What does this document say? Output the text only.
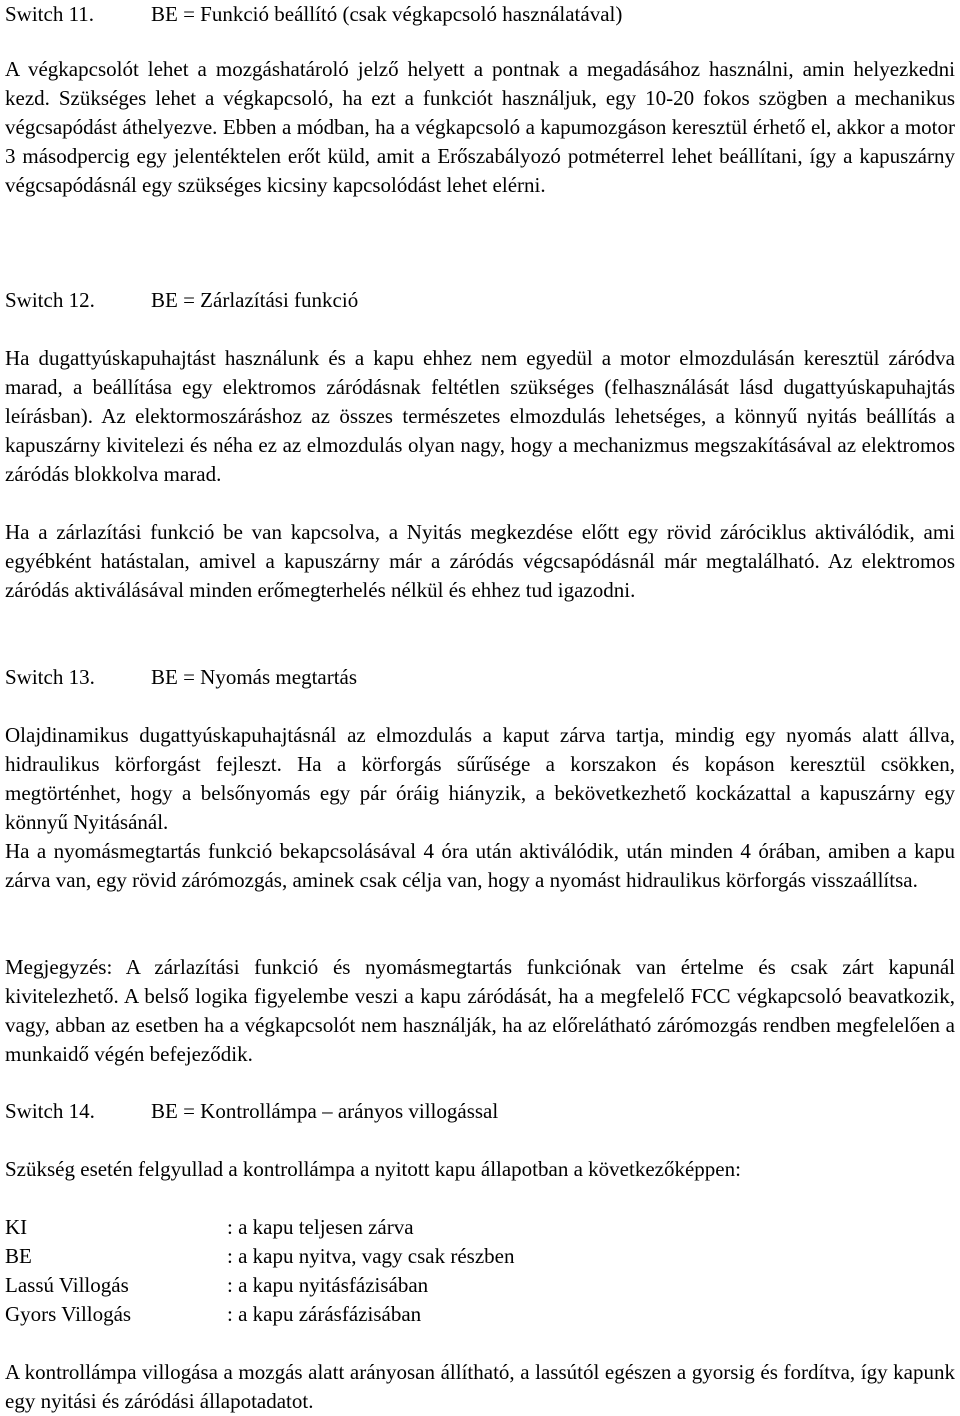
Switch 11.	BE = Funkció beállító (csak végkapcsoló használatával)

A végkapcsolót lehet a mozgáshatároló jelző helyett a pontnak a megadásához használni, amin helyezkedni kezd. Szükséges lehet a végkapcsoló, ha ezt a funkciót használjuk, egy 10-20 fokos szögben a mechanikus végcsapódást áthelyezve. Ebben a módban, ha a végkapcsoló a kapumozgáson keresztül érhető el, akkor a motor 3 másodpercig egy jelentéktelen erőt küld, amit a Erőszabályozó potméterrel lehet beállítani, így a kapuszárny végcsapódásnál egy szükséges kicsiny kapcsolódást lehet elérni.

Switch 12.	BE = Zárlazítási funkció

Ha dugattyúskapuhajtást használunk és a kapu ehhez nem egyedül a motor elmozdulásán keresztül záródva marad, a beállítása egy elektromos záródásnak feltétlen szükséges (felhasználását lásd dugattyúskapuhajtás leírásban). Az elektormoszáráshoz az összes természetes elmozdulás lehetséges, a könnyű nyitás beállítás a kapuszárny kivitelezi és néha ez az elmozdulás olyan nagy, hogy a mechanizmus megszakításával az elektromos záródás blokkolva marad.

Ha a zárlazítási funkció be van kapcsolva, a Nyitás megkezdése előtt egy rövid záróciklus aktiválódik, ami egyébként hatástalan, amivel a kapuszárny már a záródás végcsapódásnál már megtalálható. Az elektromos záródás aktiválásával minden erőmegterhelés nélkül és ehhez tud igazodni.

Switch 13.	BE = Nyomás megtartás

Olajdinamikus dugattyúskapuhajtásnál az elmozdulás a kaput zárva tartja, mindig egy nyomás alatt állva, hidraulikus körforgást fejleszt. Ha a körforgás sűrűsége a korszakon és kopáson keresztül csökken, megtörténhet, hogy a belsőnyomás egy pár óráig hiányzik, a bekövetkezhető kockázattal a kapuszárny egy könnyű Nyitásánál.

Ha a nyomásmegtartás funkció bekapcsolásával 4 óra után aktiválódik, után minden 4 órában, amiben a kapu zárva van, egy rövid zárómozgás, aminek csak célja van, hogy a nyomást hidraulikus körforgás visszaállítsa.

Megjegyzés: A zárlazítási funkció és nyomásmegtartás funkciónak van értelme és csak zárt kapunál kivitelezhető. A belső logika figyelembe veszi a kapu záródását, ha a megfelelő FCC végkapcsoló beavatkozik, vagy, abban az esetben ha a végkapcsolót nem használják, ha az előrelátható zárómozgás rendben megfelelően a munkaidő végén befejeződik.

Switch 14.	BE = Kontrollámpa – arányos villogással

Szükség esetén felgyullad a kontrollámpa a nyitott kapu állapotban a következőképpen:

KI	: a kapu teljesen zárva
BE	: a kapu nyitva, vagy csak részben
Lassú Villogás	: a kapu nyitásfázisában
Gyors Villogás	: a kapu zárásfázisában

A kontrollámpa villogása a mozgás alatt arányosan állítható, a lassútól egészen a gyorsig és fordítva, így kapunk egy nyitási és záródási állapotadatot.
